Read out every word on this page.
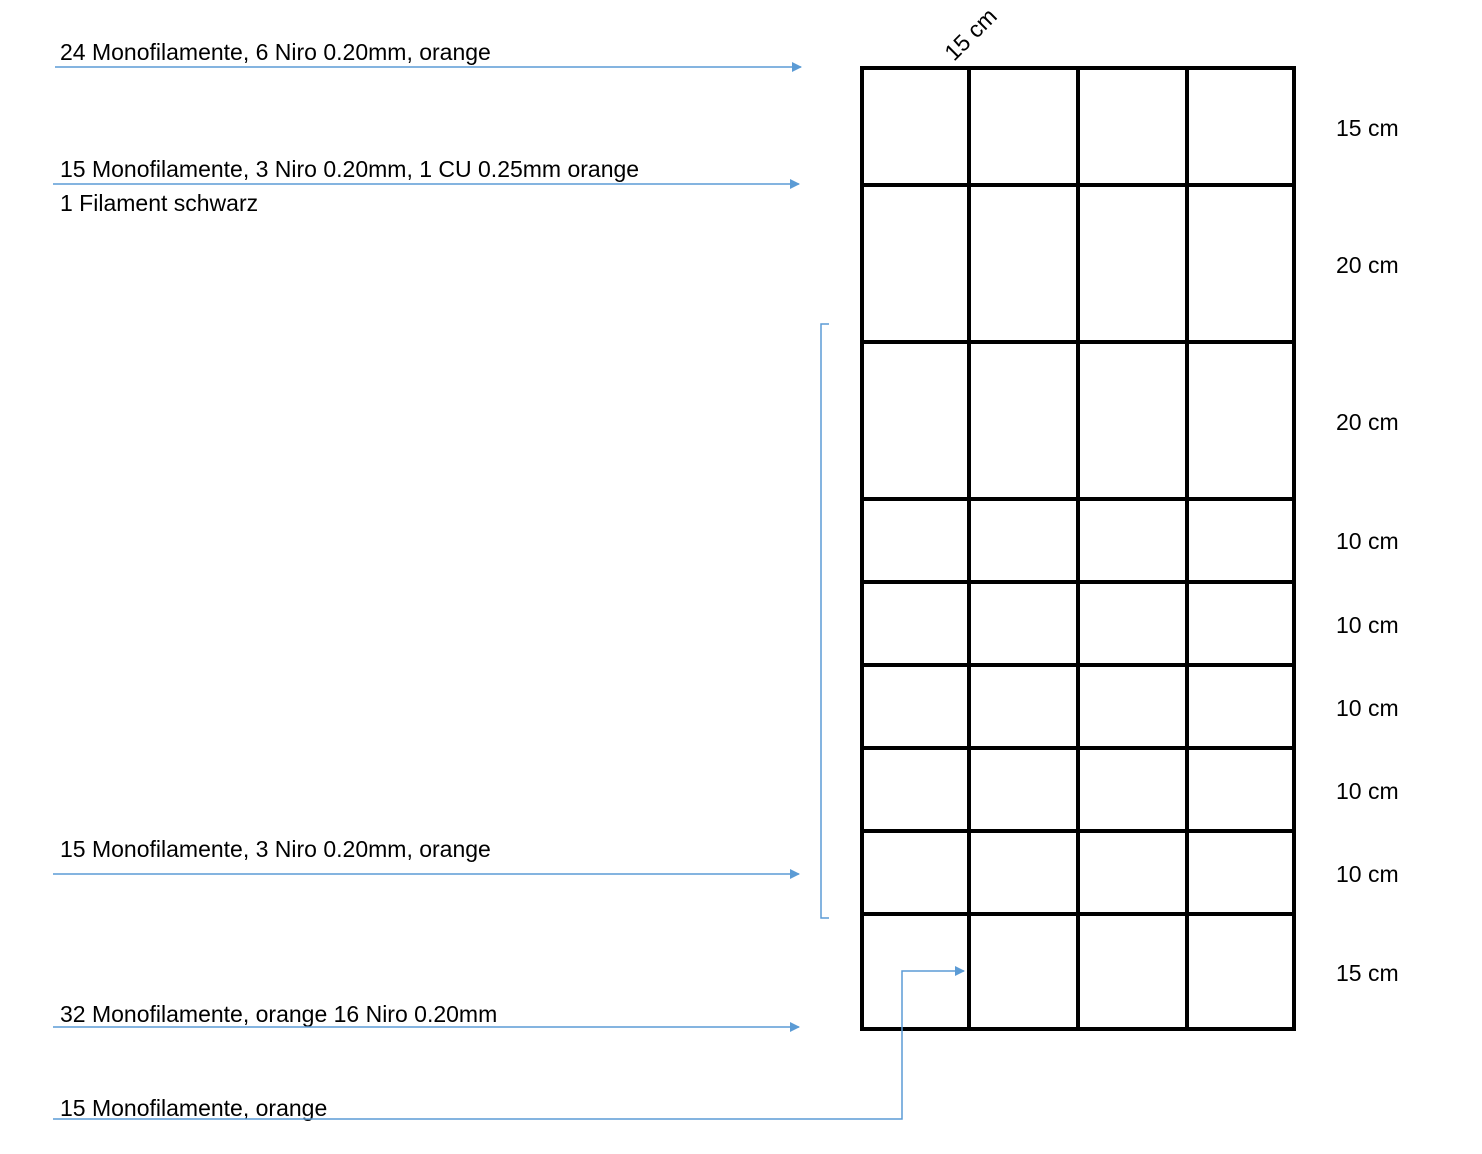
15 cm
15 cm
20 cm
20 cm
10 cm
10 cm
10 cm
10 cm
10 cm
15 cm
24 Monofilamente, 6 Niro 0.20mm, orange
15 Monofilamente, 3 Niro 0.20mm, 1 CU 0.25mm orange
1 Filament schwarz
15 Monofilamente, 3 Niro 0.20mm, orange
32 Monofilamente, orange 16 Niro 0.20mm
15 Monofilamente, orange
